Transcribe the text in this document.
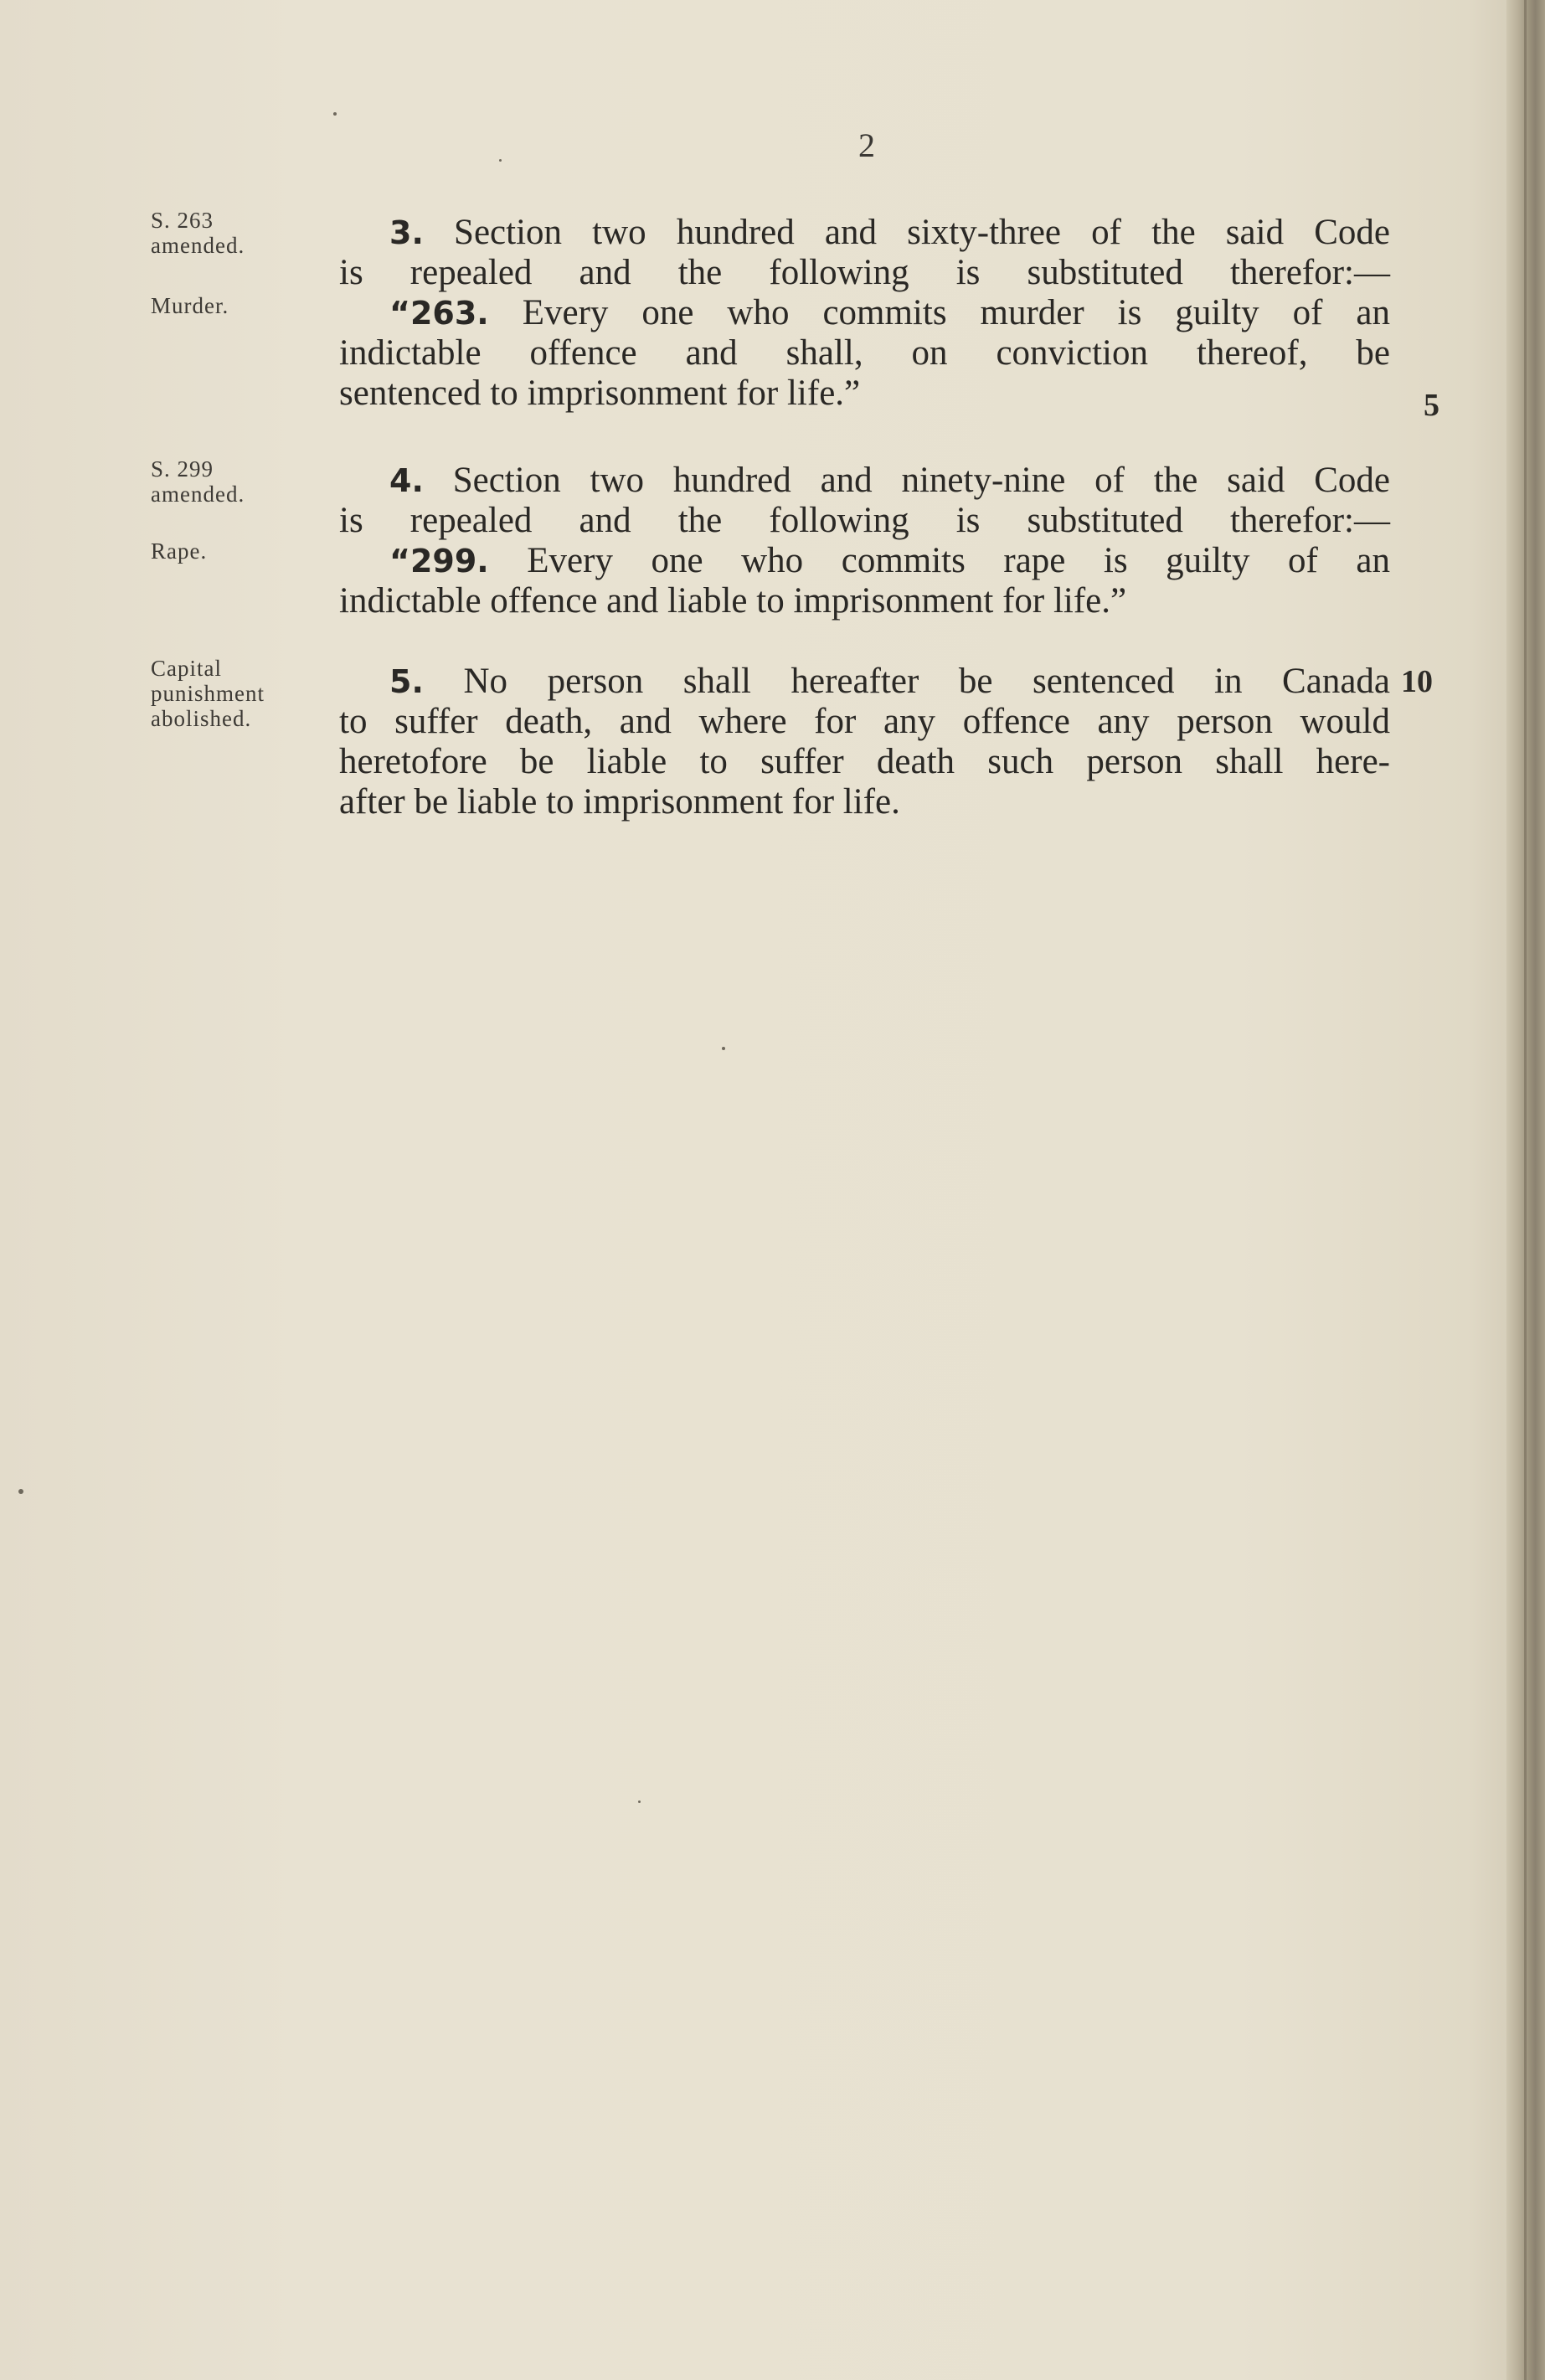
2
S. 263
amended.
Murder.
S. 299
amended.
Rape.
Capital
punishment
abolished.
3. Section two hundred and sixty-three of the said Code
is repealed and the following is substituted therefor:—
“263. Every one who commits murder is guilty of an
indictable offence and shall, on conviction thereof, be
sentenced to imprisonment for life.”	5
4. Section two hundred and ninety-nine of the said Code
is repealed and the following is substituted therefor:—
“299. Every one who commits rape is guilty of an
indictable offence and liable to imprisonment for life.”
5. No person shall hereafter be sentenced in Canada
to suffer death, and where for any offence any person would
heretofore be liable to suffer death such person shall here-
after be liable to imprisonment for life.
10
